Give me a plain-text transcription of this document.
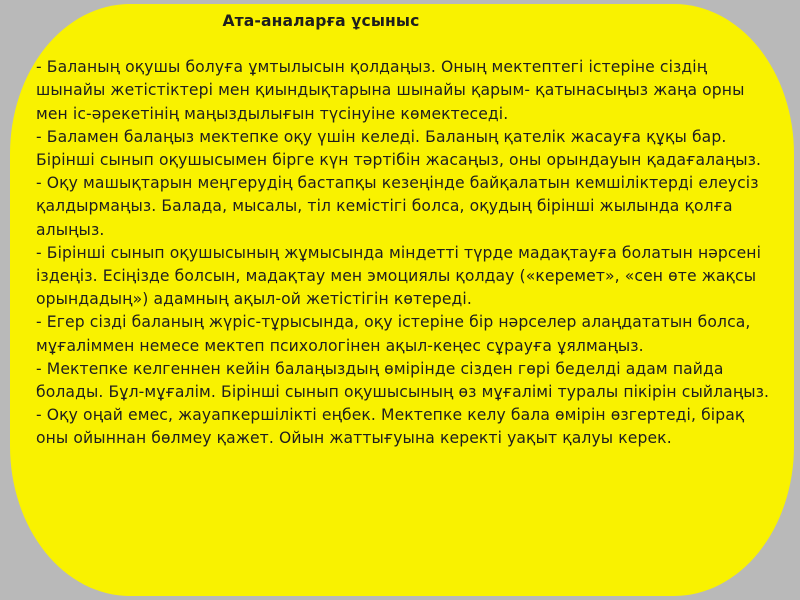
Ата-аналарға ұсыныс

- Баланың оқушы болуға ұмтылысын қолдаңыз. Оның мектептегі істеріне сіздің шынайы жетістіктері мен қиындықтарына шынайы қарым- қатынасыңыз жаңа орны мен іс-әрекетінің маңыздылығын түсінуіне көмектеседі.

- Баламен балаңыз мектепке оқу үшін келеді. Баланың қателік жасауға құқы бар.

Бірінші сынып оқушысымен бірге күн тәртібін жасаңыз, оны орындауын қадағалаңыз.

- Оқу машықтарын меңгерудің бастапқы кезеңінде байқалатын кемшіліктерді елеусіз қалдырмаңыз. Балада, мысалы, тіл кемістігі болса, оқудың бірінші жылында қолға алыңыз.

- Бірінші сынып оқушысының жұмысында міндетті түрде мадақтауға болатын нәрсені іздеңіз. Есіңізде болсын, мадақтау мен эмоциялы қолдау («керемет», «сен өте жақсы орындадың») адамның ақыл-ой жетістігін көтереді.

- Егер сізді баланың жүріс-тұрысында, оқу істеріне бір нәрселер алаңдататын болса, мұғаліммен немесе мектеп психологінен ақыл-кеңес сұрауға ұялмаңыз.

- Мектепке келгеннен кейін балаңыздың өмірінде сізден гөрі беделді адам пайда болады. Бұл-мұғалім. Бірінші сынып оқушысының өз мұғалімі туралы пікірін сыйлаңыз.

- Оқу оңай емес, жауапкершілікті еңбек. Мектепке келу бала өмірін өзгертеді, бірақ оны ойыннан бөлмеу қажет. Ойын жаттығуына керекті уақыт қалуы керек.
